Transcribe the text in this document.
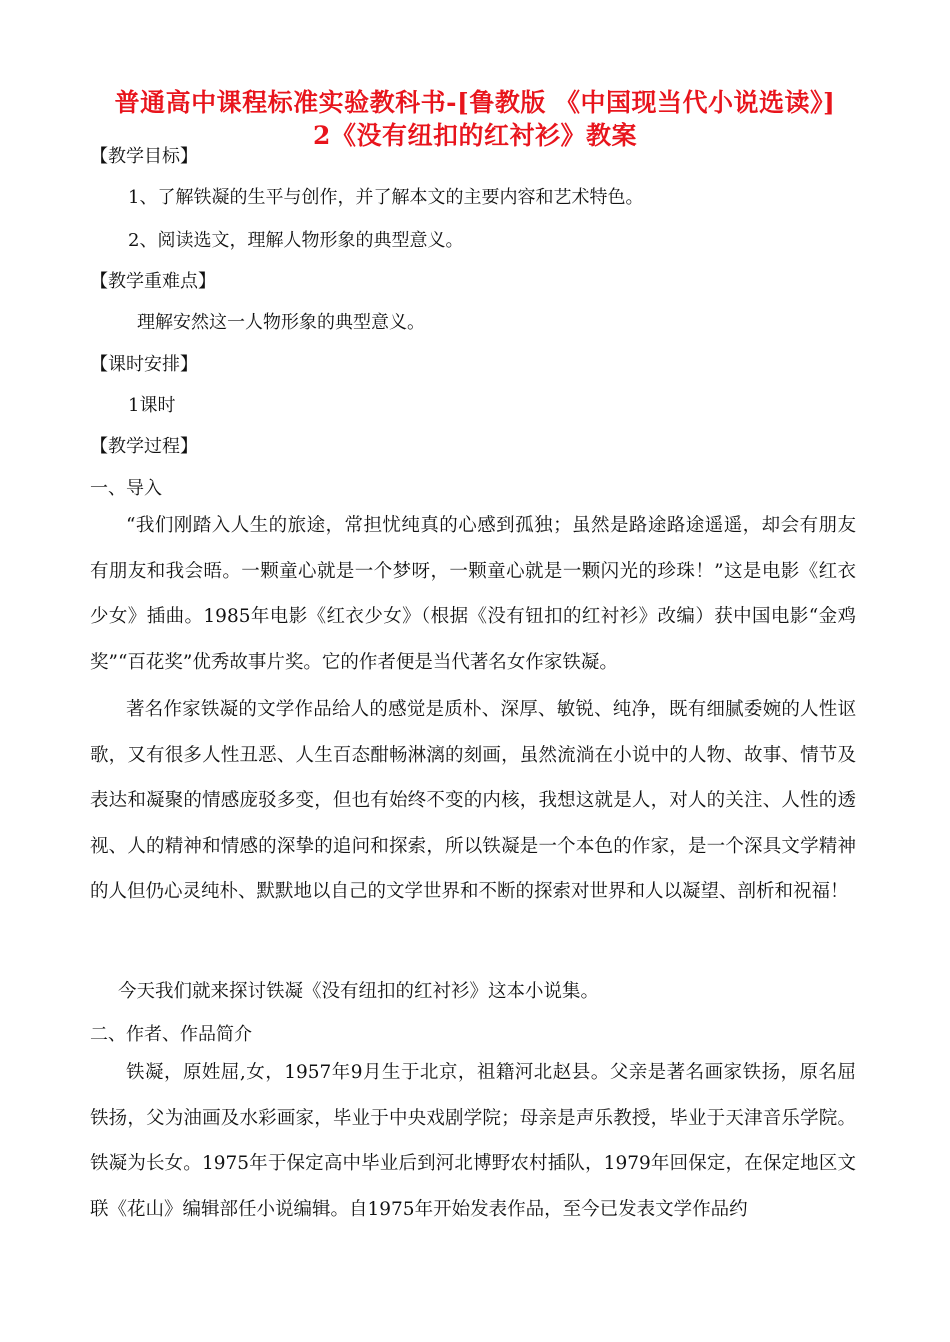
普通高中课程标准实验教科书-[鲁教版 《中国现当代小说选读》]
2《没有纽扣的红衬衫》教案
【教学目标】
1、了解铁凝的生平与创作，并了解本文的主要内容和艺术特色。
2、阅读选文，理解人物形象的典型意义。
【教学重难点】
理解安然这一人物形象的典型意义。
【课时安排】
1课时
【教学过程】
一、导入
“我们刚踏入人生的旅途，常担忧纯真的心感到孤独；虽然是路途路途遥遥，却会有朋友有朋友和我会晤。一颗童心就是一个梦呀，一颗童心就是一颗闪光的珍珠！”这是电影《红衣少女》插曲。1985年电影《红衣少女》（根据《没有钮扣的红衬衫》改编）获中国电影“金鸡奖”“百花奖”优秀故事片奖。它的作者便是当代著名女作家铁凝。
著名作家铁凝的文学作品给人的感觉是质朴、深厚、敏锐、纯净，既有细腻委婉的人性讴歌，又有很多人性丑恶、人生百态酣畅淋漓的刻画，虽然流淌在小说中的人物、故事、情节及表达和凝聚的情感庞驳多变，但也有始终不变的内核，我想这就是人，对人的关注、人性的透视、人的精神和情感的深挚的追问和探索，所以铁凝是一个本色的作家，是一个深具文学精神的人但仍心灵纯朴、默默地以自己的文学世界和不断的探索对世界和人以凝望、剖析和祝福！
今天我们就来探讨铁凝《没有纽扣的红衬衫》这本小说集。
二、作者、作品简介
铁凝，原姓屈,女，1957年9月生于北京，祖籍河北赵县。父亲是著名画家铁扬，原名屈铁扬，父为油画及水彩画家，毕业于中央戏剧学院；母亲是声乐教授，毕业于天津音乐学院。铁凝为长女。1975年于保定高中毕业后到河北博野农村插队，1979年回保定，在保定地区文联《花山》编辑部任小说编辑。自1975年开始发表作品，至今已发表文学作品约
